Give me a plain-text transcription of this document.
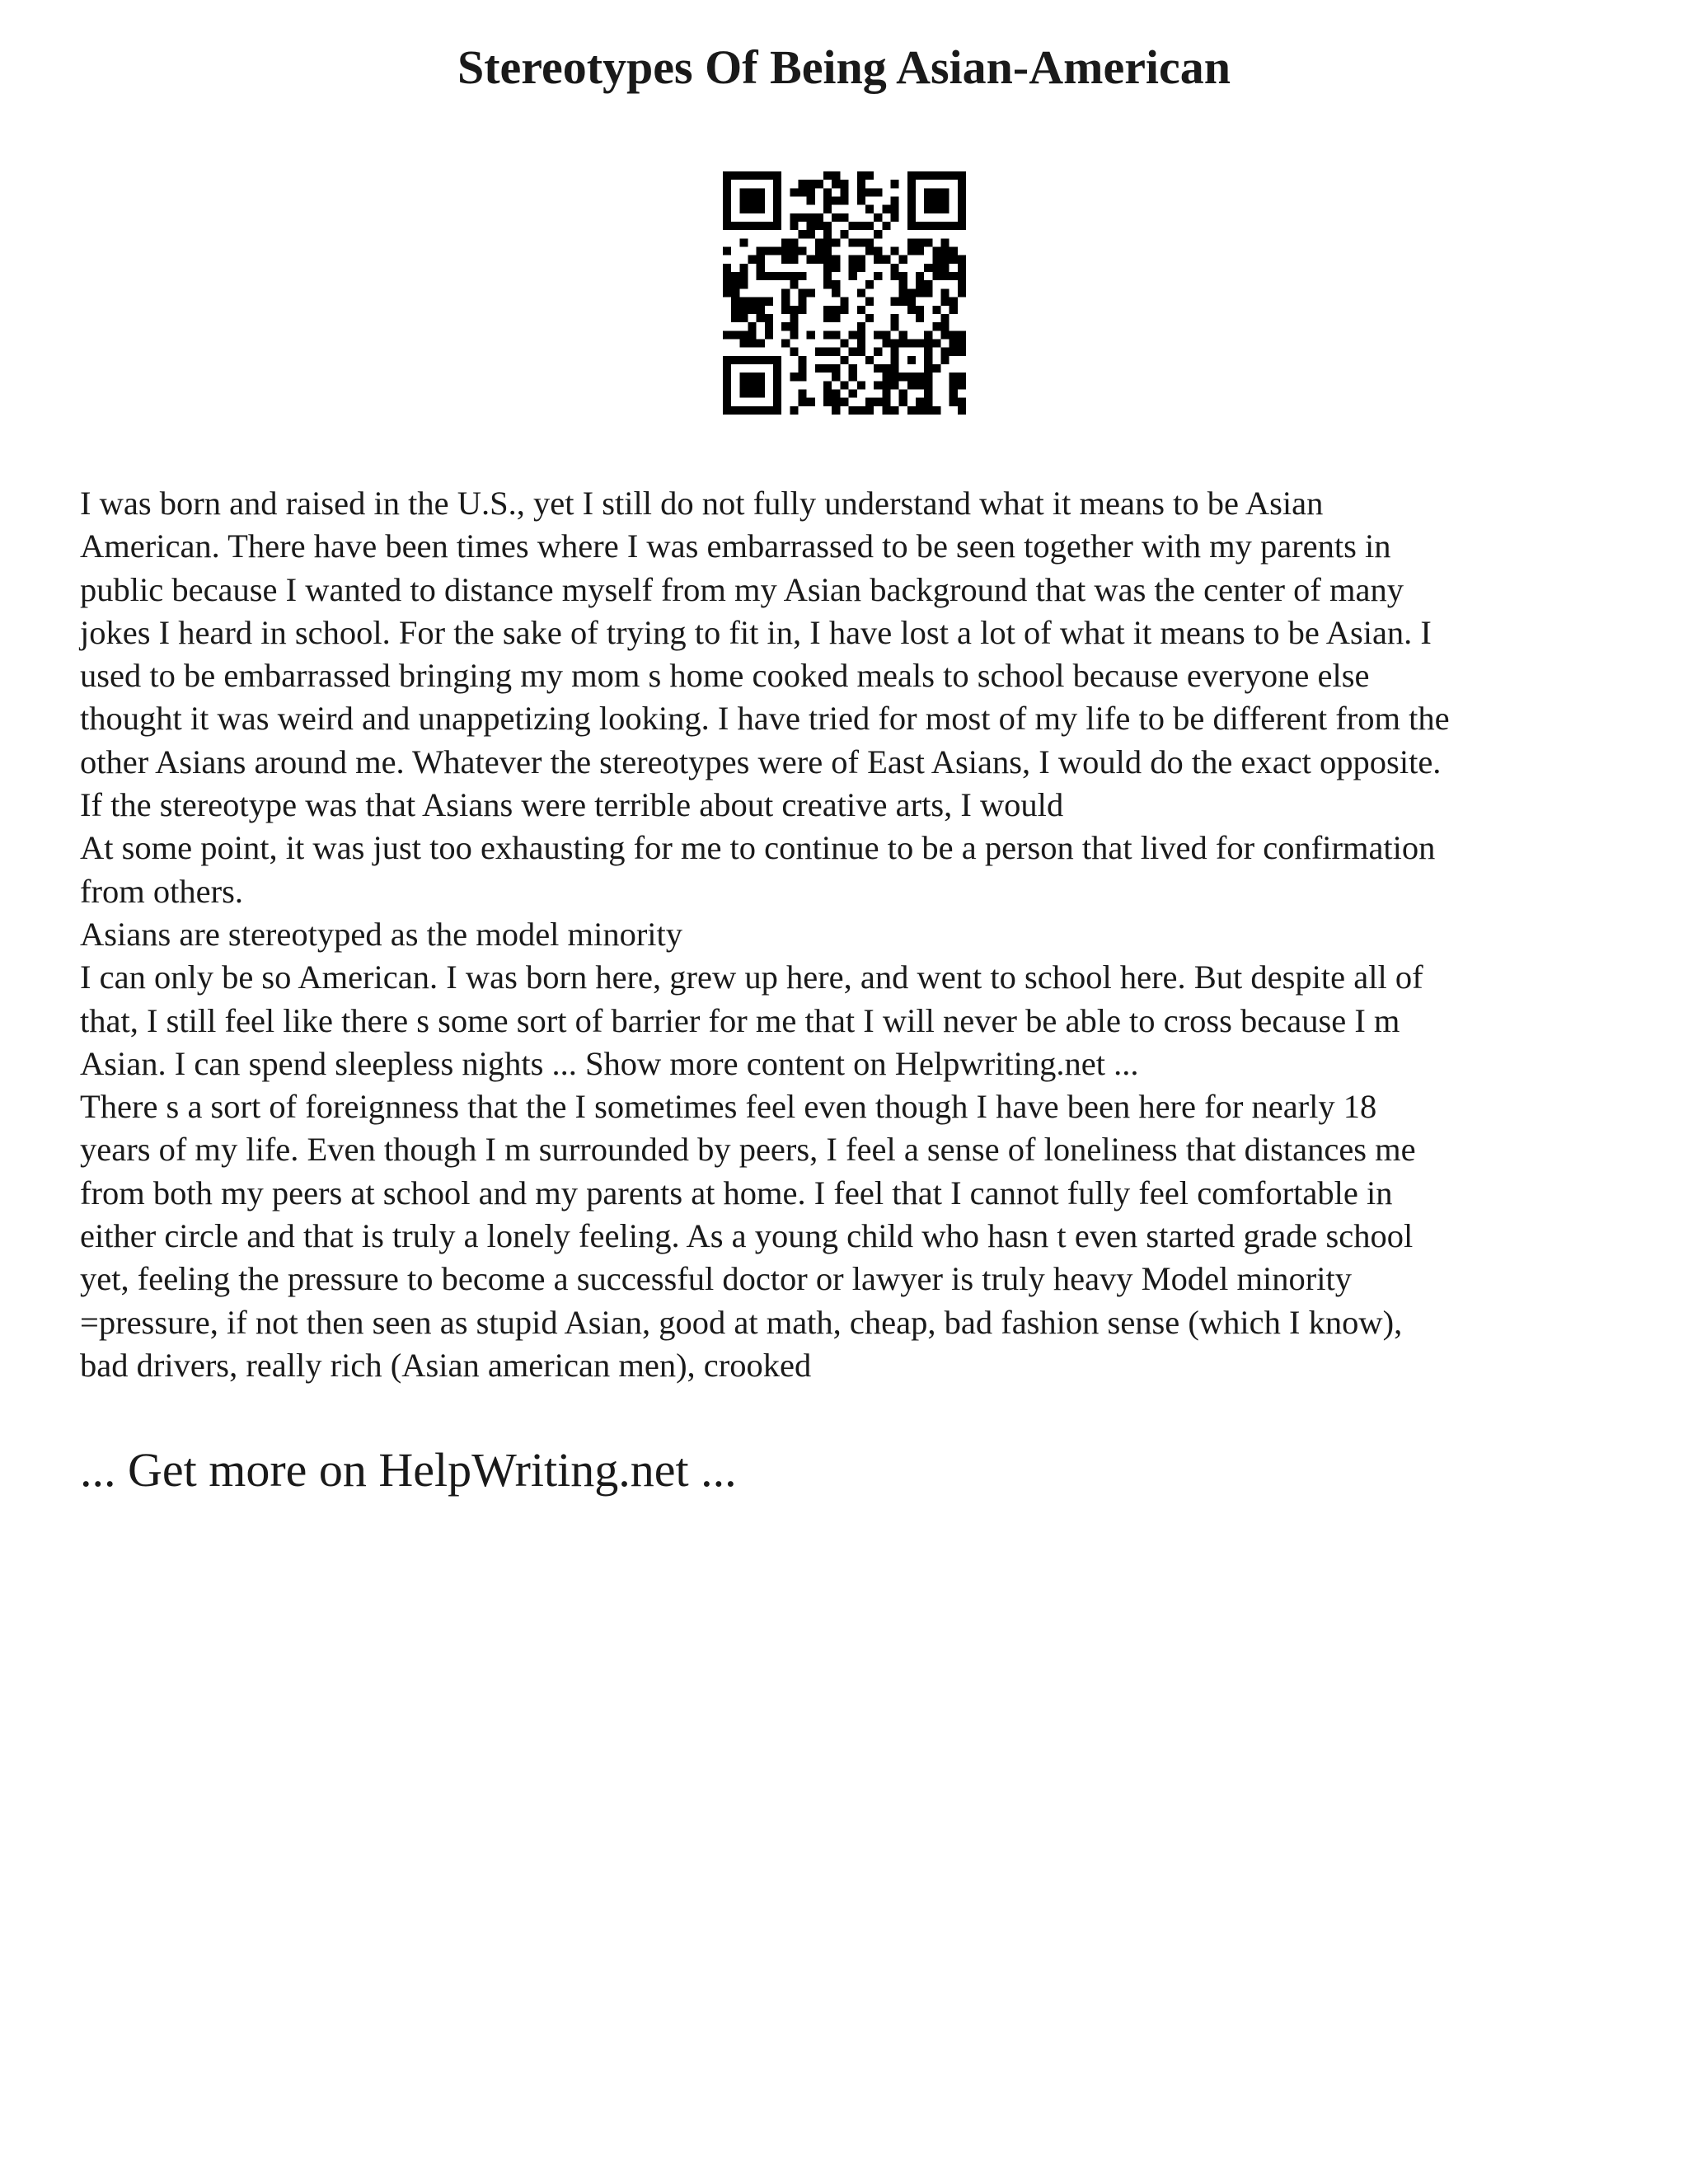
Stereotypes Of Being Asian-American

I was born and raised in the U.S., yet I still do not fully understand what it means to be Asian

American. There have been times where I was embarrassed to be seen together with my parents in

public because I wanted to distance myself from my Asian background that was the center of many

jokes I heard in school. For the sake of trying to fit in, I have lost a lot of what it means to be Asian. I

used to be embarrassed bringing my mom s home cooked meals to school because everyone else

thought it was weird and unappetizing looking. I have tried for most of my life to be different from the

other Asians around me. Whatever the stereotypes were of East Asians, I would do the exact opposite.

If the stereotype was that Asians were terrible about creative arts, I would

At some point, it was just too exhausting for me to continue to be a person that lived for confirmation

from others.

Asians are stereotyped as the model minority

I can only be so American. I was born here, grew up here, and went to school here. But despite all of

that, I still feel like there s some sort of barrier for me that I will never be able to cross because I m

Asian. I can spend sleepless nights ... Show more content on Helpwriting.net ...

There s a sort of foreignness that the I sometimes feel even though I have been here for nearly 18

years of my life. Even though I m surrounded by peers, I feel a sense of loneliness that distances me

from both my peers at school and my parents at home. I feel that I cannot fully feel comfortable in

either circle and that is truly a lonely feeling. As a young child who hasn t even started grade school

yet, feeling the pressure to become a successful doctor or lawyer is truly heavy Model minority

=pressure, if not then seen as stupid Asian, good at math, cheap, bad fashion sense (which I know),

bad drivers, really rich (Asian american men), crooked

... Get more on HelpWriting.net ...
